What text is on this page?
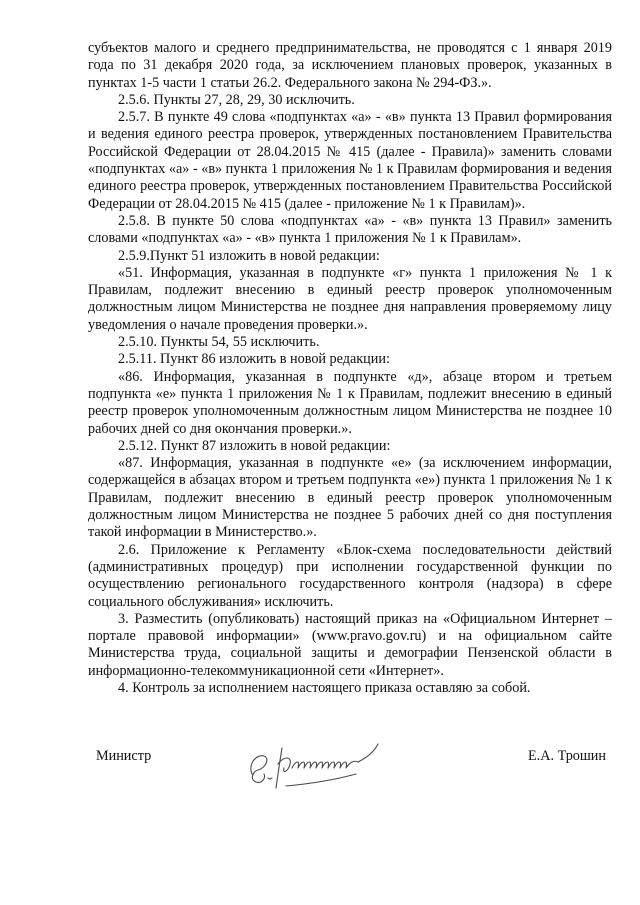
субъектов малого и среднего предпринимательства, не проводятся с 1 января 2019 года по 31 декабря 2020 года, за исключением плановых проверок, указанных в пунктах 1-5 части 1 статьи 26.2. Федерального закона № 294-ФЗ.».

2.5.6. Пункты 27, 28, 29, 30 исключить.

2.5.7. В пункте 49 слова «подпунктах «а» - «в» пункта 13 Правил формирования и ведения единого реестра проверок, утвержденных постановлением Правительства Российской Федерации от 28.04.2015 № 415 (далее - Правила)» заменить словами «подпунктах «а» - «в» пункта 1 приложения № 1 к Правилам формирования и ведения единого реестра проверок, утвержденных постановлением Правительства Российской Федерации от 28.04.2015 № 415 (далее - приложение № 1 к Правилам)».

2.5.8. В пункте 50 слова «подпунктах «а» - «в» пункта 13 Правил» заменить словами «подпунктах «а» - «в» пункта 1 приложения № 1 к Правилам».

2.5.9.Пункт 51 изложить в новой редакции:

«51. Информация, указанная в подпункте «г» пункта 1 приложения № 1 к Правилам, подлежит внесению в единый реестр проверок уполномоченным должностным лицом Министерства не позднее дня направления проверяемому лицу уведомления о начале проведения проверки.».

2.5.10. Пункты 54, 55 исключить.

2.5.11. Пункт 86 изложить в новой редакции:

«86. Информация, указанная в подпункте «д», абзаце втором и третьем подпункта «е» пункта 1 приложения № 1 к Правилам, подлежит внесению в единый реестр проверок уполномоченным должностным лицом Министерства не позднее 10 рабочих дней со дня окончания проверки.».

2.5.12. Пункт 87 изложить в новой редакции:

«87. Информация, указанная в подпункте «е» (за исключением информации, содержащейся в абзацах втором и третьем подпункта «е») пункта 1 приложения № 1 к Правилам, подлежит внесению в единый реестр проверок уполномоченным должностным лицом Министерства не позднее 5 рабочих дней со дня поступления такой информации в Министерство.».

2.6. Приложение к Регламенту «Блок-схема последовательности действий (административных процедур) при исполнении государственной функции по осуществлению регионального государственного контроля (надзора) в сфере социального обслуживания» исключить.

3. Разместить (опубликовать) настоящий приказ на «Официальном Интернет – портале правовой информации» (www.pravo.gov.ru) и на официальном сайте Министерства труда, социальной защиты и демографии Пензенской области в информационно-телекоммуникационной сети «Интернет».

4. Контроль за исполнением настоящего приказа оставляю за собой.

Министр	Е.А. Трошин
